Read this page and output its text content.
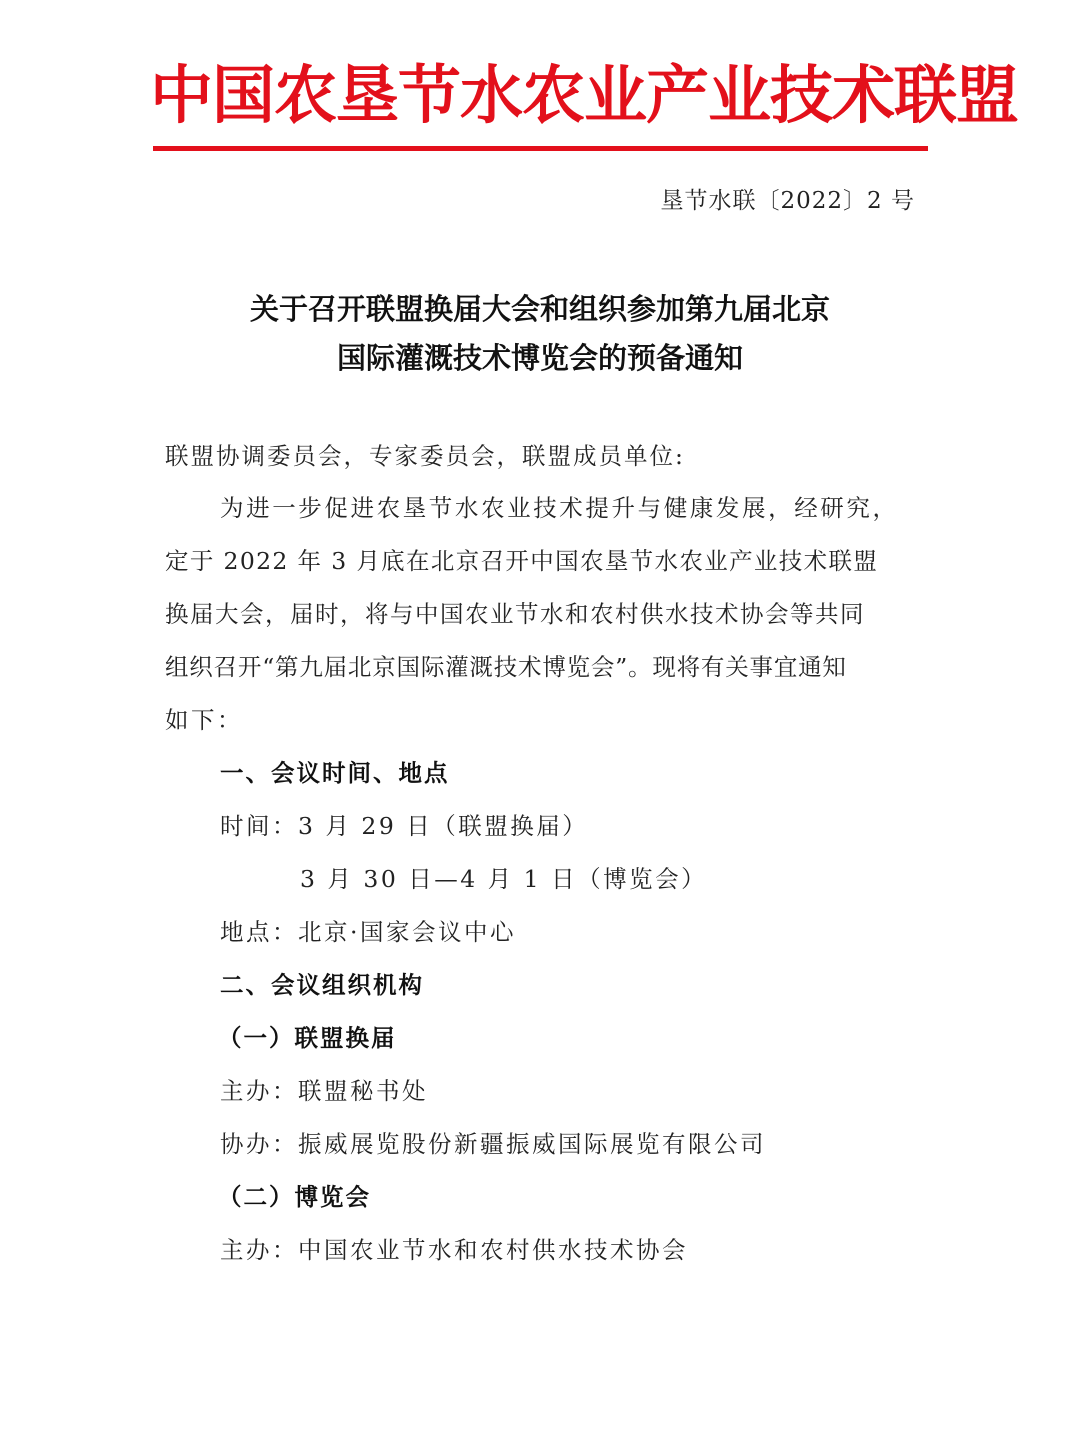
中国农垦节水农业产业技术联盟
垦节水联〔2022〕2 号
关于召开联盟换届大会和组织参加第九届北京
国际灌溉技术博览会的预备通知
联盟协调委员会，专家委员会，联盟成员单位:
为进一步促进农垦节水农业技术提升与健康发展，经研究，
定于 2022 年 3 月底在北京召开中国农垦节水农业产业技术联盟
换届大会，届时，将与中国农业节水和农村供水技术协会等共同
组织召开“第九届北京国际灌溉技术博览会”。现将有关事宜通知
如下：
一、会议时间、地点
时间：3 月 29 日（联盟换届）
3 月 30 日—4 月 1 日（博览会）
地点：北京·国家会议中心
二、会议组织机构
（一）联盟换届
主办：联盟秘书处
协办：振威展览股份新疆振威国际展览有限公司
（二）博览会
主办：中国农业节水和农村供水技术协会
